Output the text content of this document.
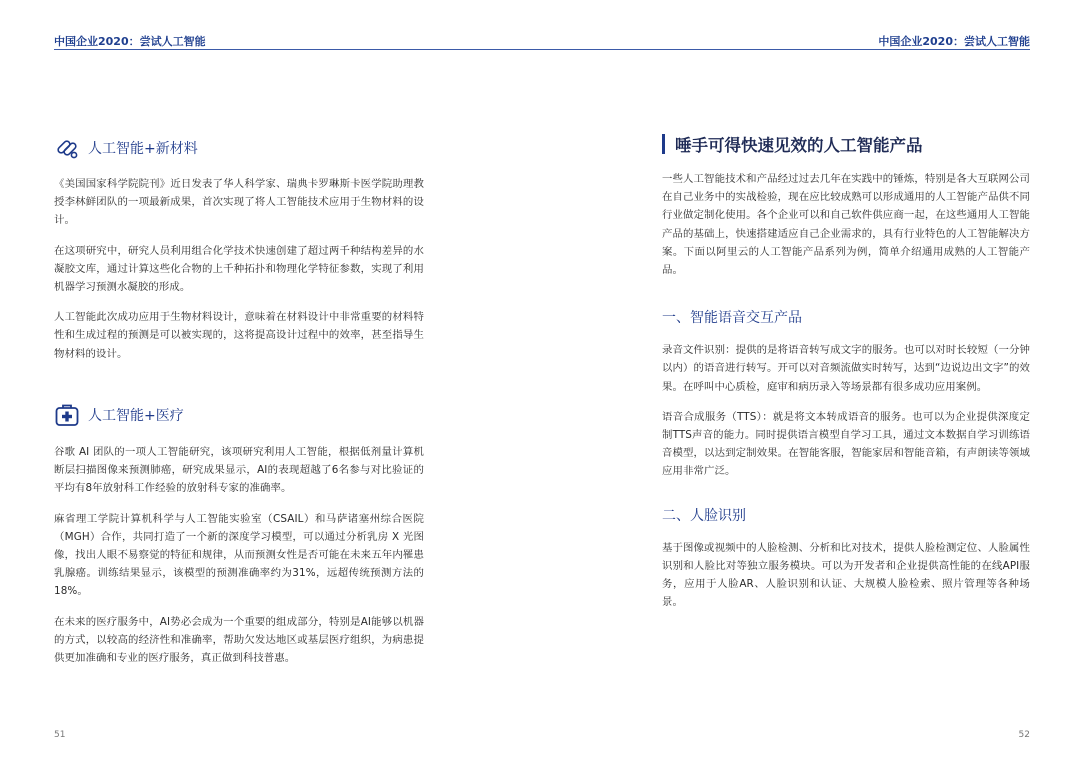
中国企业2020：尝试人工智能
人工智能+新材料

《美国国家科学院院刊》近日发表了华人科学家、瑞典卡罗琳斯卡医学院助理教授李林鲜团队的一项最新成果，首次实现了将人工智能技术应用于生物材料的设计。

在这项研究中，研究人员利用组合化学技术快速创建了超过两千种结构差异的水凝胶文库，通过计算这些化合物的上千种拓扑和物理化学特征参数，实现了利用机器学习预测水凝胶的形成。

人工智能此次成功应用于生物材料设计，意味着在材料设计中非常重要的材料特性和生成过程的预测是可以被实现的，这将提高设计过程中的效率，甚至指导生物材料的设计。

人工智能+医疗

谷歌 AI 团队的一项人工智能研究，该项研究利用人工智能，根据低剂量计算机断层扫描图像来预测肺癌，研究成果显示，AI的表现超越了6名参与对比验证的平均有8年放射科工作经验的放射科专家的准确率。

麻省理工学院计算机科学与人工智能实验室（CSAIL）和马萨诸塞州综合医院（MGH）合作，共同打造了一个新的深度学习模型，可以通过分析乳房 X 光图像，找出人眼不易察觉的特征和规律，从而预测女性是否可能在未来五年内罹患乳腺癌。训练结果显示，该模型的预测准确率约为31%，远超传统预测方法的18%。

在未来的医疗服务中，AI势必会成为一个重要的组成部分，特别是AI能够以机器的方式，以较高的经济性和准确率，帮助欠发达地区或基层医疗组织，为病患提供更加准确和专业的医疗服务，真正做到科技普惠。

51
中国企业2020：尝试人工智能
唾手可得快速见效的人工智能产品

一些人工智能技术和产品经过过去几年在实践中的锤炼，特别是各大互联网公司在自己业务中的实战检验，现在应比较成熟可以形成通用的人工智能产品供不同行业做定制化使用。各个企业可以和自己软件供应商一起，在这些通用人工智能产品的基础上，快速搭建适应自己企业需求的，具有行业特色的人工智能解决方案。下面以阿里云的人工智能产品系列为例，简单介绍通用成熟的人工智能产品。

一、智能语音交互产品

录音文件识别：提供的是将语音转写成文字的服务。也可以对时长较短（一分钟以内）的语音进行转写。开可以对音频流做实时转写，达到“边说边出文字”的效果。在呼叫中心质检，庭审和病历录入等场景都有很多成功应用案例。

语音合成服务（TTS）：就是将文本转成语音的服务。也可以为企业提供深度定制TTS声音的能力。同时提供语言模型自学习工具，通过文本数据自学习训练语音模型，以达到定制效果。在智能客服，智能家居和智能音箱，有声朗读等领域应用非常广泛。

二、人脸识别

基于图像或视频中的人脸检测、分析和比对技术，提供人脸检测定位、人脸属性识别和人脸比对等独立服务模块。可以为开发者和企业提供高性能的在线API服务，应用于人脸AR、人脸识别和认证、大规模人脸检索、照片管理等各种场景。

52
